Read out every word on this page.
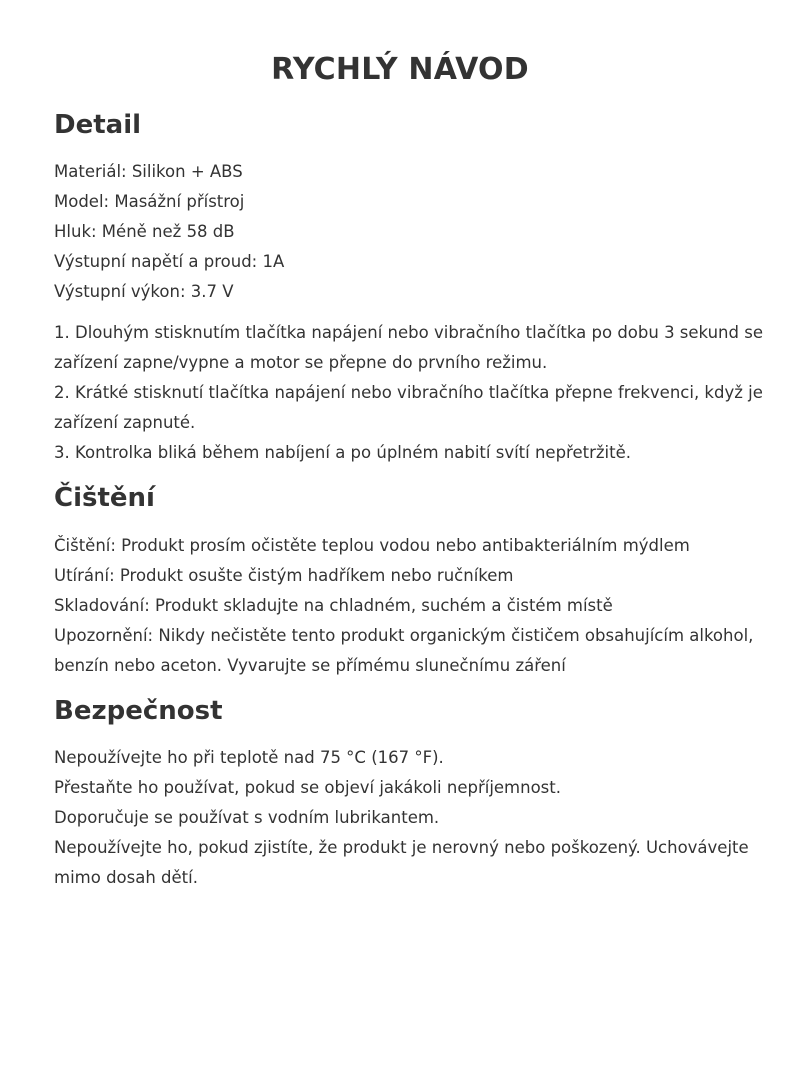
RYCHLÝ NÁVOD
Detail
Materiál: Silikon + ABS
Model: Masážní přístroj
Hluk: Méně než 58 dB
Výstupní napětí a proud: 1A
Výstupní výkon: 3.7 V
1. Dlouhým stisknutím tlačítka napájení nebo vibračního tlačítka po dobu 3 sekund se
zařízení zapne/vypne a motor se přepne do prvního režimu.
2. Krátké stisknutí tlačítka napájení nebo vibračního tlačítka přepne frekvenci, když je
zařízení zapnuté.
3. Kontrolka bliká během nabíjení a po úplném nabití svítí nepřetržitě.
Čištění
Čištění: Produkt prosím očistěte teplou vodou nebo antibakteriálním mýdlem
Utírání: Produkt osušte čistým hadříkem nebo ručníkem
Skladování: Produkt skladujte na chladném, suchém a čistém místě
Upozornění: Nikdy nečistěte tento produkt organickým čističem obsahujícím alkohol,
benzín nebo aceton. Vyvarujte se přímému slunečnímu záření
Bezpečnost
Nepoužívejte ho při teplotě nad 75 °C (167 °F).
Přestaňte ho používat, pokud se objeví jakákoli nepříjemnost.
Doporučuje se používat s vodním lubrikantem.
Nepoužívejte ho, pokud zjistíte, že produkt je nerovný nebo poškozený. Uchovávejte
mimo dosah dětí.
